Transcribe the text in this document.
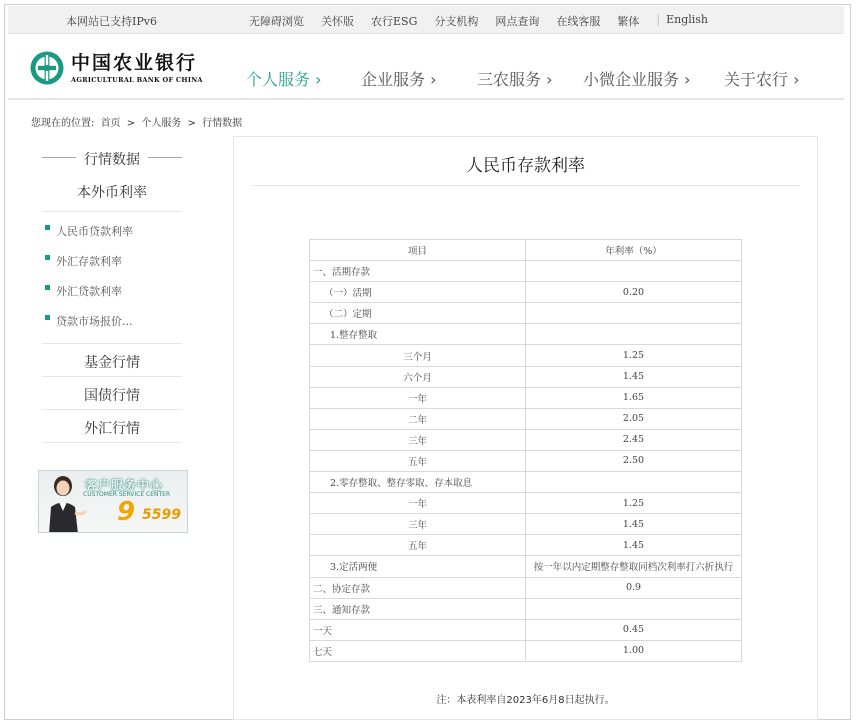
本网站已支持IPv6	无障碍浏览 关怀版 农行ESG 分支机构 网点查询 在线客服 繁体 | English
中国农业银行
AGRICULTURAL BANK OF CHINA	个人服务 › 企业服务 ›	三农服务 › 小微企业服务 › 关于农行 ›
您现在的位置: 首页 > 个人服务 > 行情数据
行情数据
本外币利率
人民币贷款利率
外汇存款利率
外汇贷款利率
贷款市场报价...
基金行情
国债行情
外汇行情
客户服务中心
CUSTOMER SERVICE CENTER
9 5599
人民币存款利率
项目	年利率（%）
一、活期存款	
（一）活期	0.20
（二）定期	
1.整存整取	
三个月	1.25
六个月	1.45
一年	1.65
二年	2.05
三年	2.45
五年	2.50
2.零存整取、整存零取、存本取息	
一年	1.25
三年	1.45
五年	1.45
3.定活两便	按一年以内定期整存整取同档次利率打六折执行
二、协定存款	0.9
三、通知存款	
一天	0.45
七天	1.00
注：本表利率自2023年6月8日起执行。
